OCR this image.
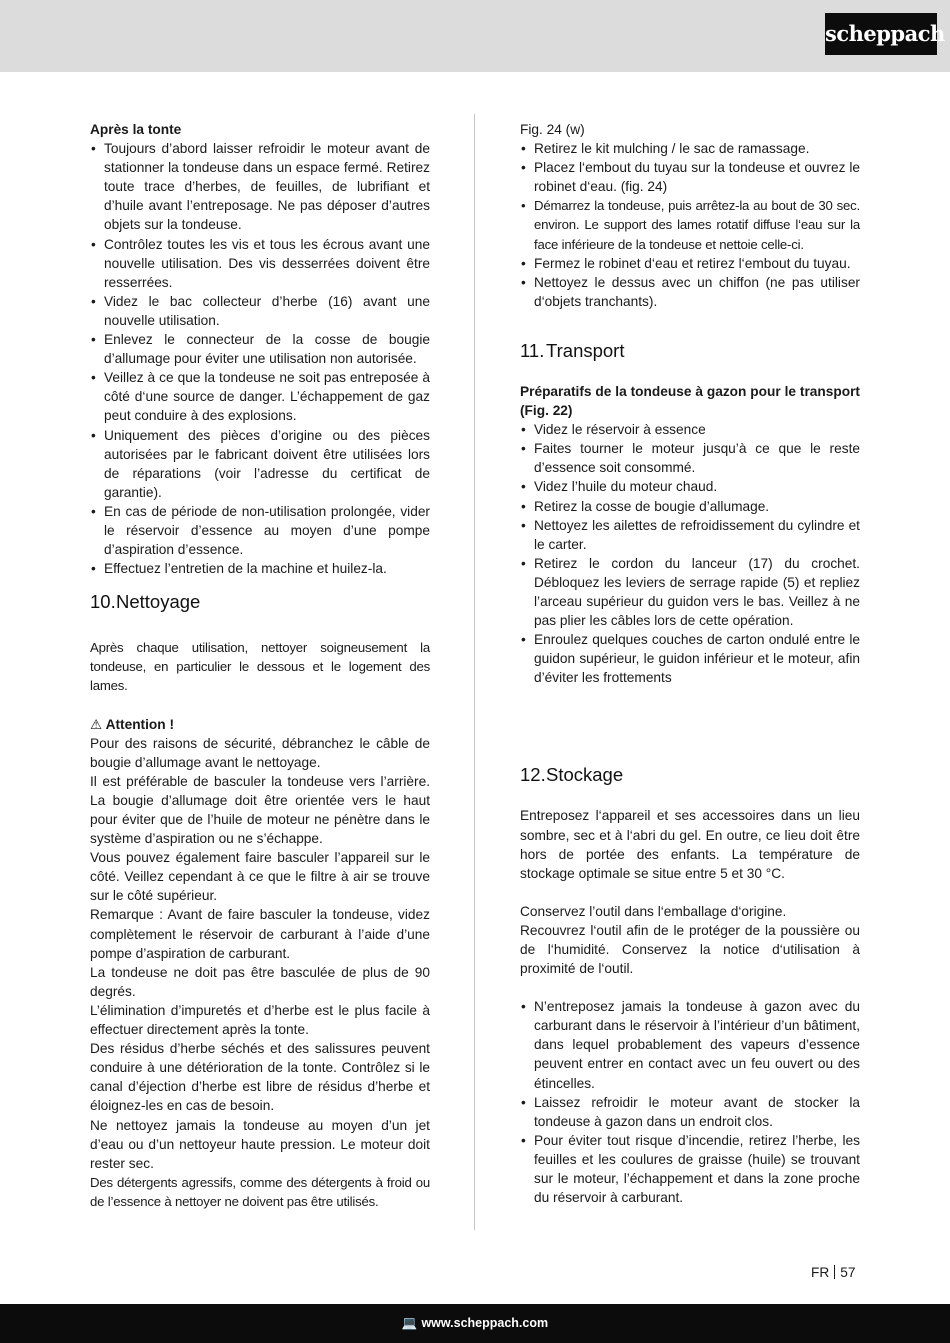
scheppach

Après la tonte

• Toujours d’abord laisser refroidir le moteur avant de stationner la tondeuse dans un espace fermé. Retirez toute trace d’herbes, de feuilles, de lubrifiant et d’huile avant l’entreposage. Ne pas déposer d’autres objets sur la tondeuse.
• Contrôlez toutes les vis et tous les écrous avant une nouvelle utilisation. Des vis desserrées doivent être resserrées.
• Videz le bac collecteur d’herbe (16) avant une nouvelle utilisation.
• Enlevez le connecteur de la cosse de bougie d’allumage pour éviter une utilisation non autorisée.
• Veillez à ce que la tondeuse ne soit pas entreposée à côté d‘une source de danger. L’échappement de gaz peut conduire à des explosions.
• Uniquement des pièces d’origine ou des pièces autorisées par le fabricant doivent être utilisées lors de réparations (voir l’adresse du certificat de garantie).
• En cas de période de non-utilisation prolongée, vider le réservoir d’essence au moyen d’une pompe d’aspiration d’essence.
• Effectuez l’entretien de la machine et huilez-la.
10.Nettoyage

Après chaque utilisation, nettoyer soigneusement la tondeuse, en particulier le dessous et le logement des lames.

⚠ Attention !

Pour des raisons de sécurité, débranchez le câble de bougie d’allumage avant le nettoyage.

Il est préférable de basculer la tondeuse vers l’arrière. La bougie d’allumage doit être orientée vers le haut pour éviter que de l’huile de moteur ne pénètre dans le système d’aspiration ou ne s’échappe.

Vous pouvez également faire basculer l’appareil sur le côté. Veillez cependant à ce que le filtre à air se trouve sur le côté supérieur.

Remarque : Avant de faire basculer la tondeuse, videz complètement le réservoir de carburant à l’aide d’une pompe d’aspiration de carburant.

La tondeuse ne doit pas être basculée de plus de 90 degrés.

L’élimination d’impuretés et d’herbe est le plus facile à effectuer directement après la tonte.

Des résidus d’herbe séchés et des salissures peuvent conduire à une détérioration de la tonte. Contrôlez si le canal d’éjection d’herbe est libre de résidus d’herbe et éloignez-les en cas de besoin.

Ne nettoyez jamais la tondeuse au moyen d’un jet d’eau ou d’un nettoyeur haute pression. Le moteur doit rester sec.

Des détergents agressifs, comme des détergents à froid ou de l’essence à nettoyer ne doivent pas être utilisés.

Fig. 24 (w)

• Retirez le kit mulching / le sac de ramassage.
• Placez l‘embout du tuyau sur la tondeuse et ouvrez le robinet d‘eau. (fig. 24)
• Démarrez la tondeuse, puis arrêtez-la au bout de 30 sec. environ. Le support des lames rotatif diffuse l‘eau sur la face inférieure de la tondeuse et nettoie celle-ci.
• Fermez le robinet d‘eau et retirez l‘embout du tuyau.
• Nettoyez le dessus avec un chiffon (ne pas utiliser d‘objets tranchants).
11.Transport

Préparatifs de la tondeuse à gazon pour le transport (Fig. 22)

• Videz le réservoir à essence
• Faites tourner le moteur jusqu’à ce que le reste d’essence soit consommé.
• Videz l’huile du moteur chaud.
• Retirez la cosse de bougie d’allumage.
• Nettoyez les ailettes de refroidissement du cylindre et le carter.
• Retirez le cordon du lanceur (17) du crochet. Débloquez les leviers de serrage rapide (5) et repliez l’arceau supérieur du guidon vers le bas. Veillez à ne pas plier les câbles lors de cette opération.
• Enroulez quelques couches de carton ondulé entre le guidon supérieur, le guidon inférieur et le moteur, afin d’éviter les frottements
12.Stockage

Entreposez l‘appareil et ses accessoires dans un lieu sombre, sec et à l‘abri du gel. En outre, ce lieu doit être hors de portée des enfants. La température de stockage optimale se situe entre 5 et 30 °C.

Conservez l’outil dans l‘emballage d‘origine.

Recouvrez l‘outil afin de le protéger de la poussière ou de l‘humidité. Conservez la notice d‘utilisation à proximité de l‘outil.

• N’entreposez jamais la tondeuse à gazon avec du carburant dans le réservoir à l’intérieur d’un bâtiment, dans lequel probablement des vapeurs d’essence peuvent entrer en contact avec un feu ouvert ou des étincelles.
• Laissez refroidir le moteur avant de stocker la tondeuse à gazon dans un endroit clos.
• Pour éviter tout risque d’incendie, retirez l’herbe, les feuilles et les coulures de graisse (huile) se trouvant sur le moteur, l’échappement et dans la zone proche du réservoir à carburant.
FR 57
💻 www.scheppach.com
